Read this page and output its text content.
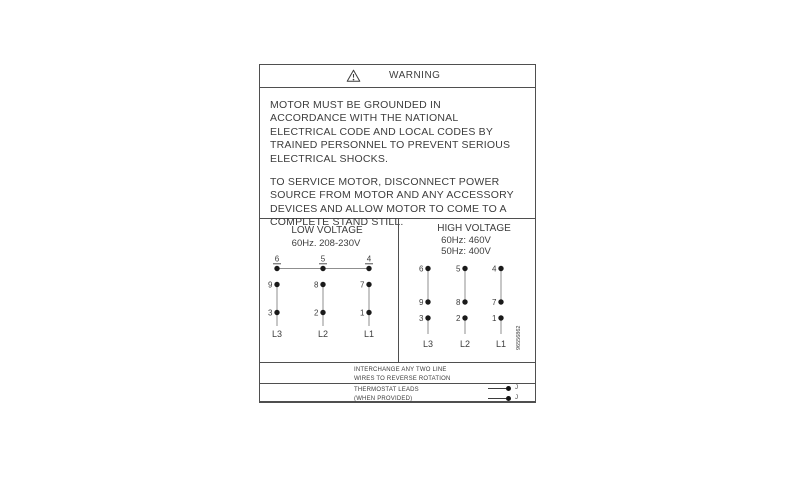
WARNING

MOTOR MUST BE GROUNDED IN ACCORDANCE WITH THE NATIONAL ELECTRICAL CODE AND LOCAL CODES BY TRAINED PERSONNEL TO PREVENT SERIOUS ELECTRICAL SHOCKS.

TO SERVICE MOTOR, DISCONNECT POWER SOURCE FROM MOTOR AND ANY ACCESSORY DEVICES AND ALLOW MOTOR TO COME TO A COMPLETE STAND STILL.

LOW VOLTAGE
60Hz. 208-230V
6	5	4
9	8	7
3	2	1
L3	L2	L1
HIGH VOLTAGE
60Hz: 460V
50Hz: 400V
6	5	4
9	8	7
3	2	1
L3	L2	L1 96556862
INTERCHANGE ANY TWO LINE
WIRES TO REVERSE ROTATION
THERMOSTAT LEADS
(WHEN PROVIDED)
J
J
